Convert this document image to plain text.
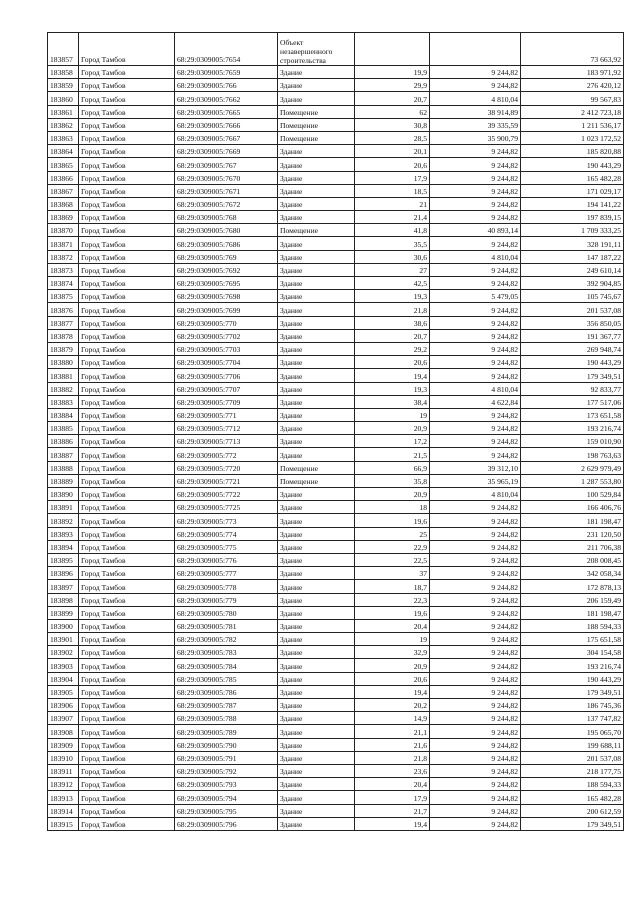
183857	Город Тамбов	68:29:0309005:7654	Объект незавершенного строительства			73 663,92
183858	Город Тамбов	68:29:0309005:7659	Здание	19,9	9 244,82	183 971,92
183859	Город Тамбов	68:29:0309005:766	Здание	29,9	9 244,82	276 420,12
183860	Город Тамбов	68:29:0309005:7662	Здание	20,7	4 810,04	99 567,83
183861	Город Тамбов	68:29:0309005:7665	Помещение	62	38 914,89	2 412 723,18
183862	Город Тамбов	68:29:0309005:7666	Помещение	30,8	39 335,59	1 211 536,17
183863	Город Тамбов	68:29:0309005:7667	Помещение	28,5	35 900,79	1 023 172,52
183864	Город Тамбов	68:29:0309005:7669	Здание	20,1	9 244,82	185 820,88
183865	Город Тамбов	68:29:0309005:767	Здание	20,6	9 244,82	190 443,29
183866	Город Тамбов	68:29:0309005:7670	Здание	17,9	9 244,82	165 482,28
183867	Город Тамбов	68:29:0309005:7671	Здание	18,5	9 244,82	171 029,17
183868	Город Тамбов	68:29:0309005:7672	Здание	21	9 244,82	194 141,22
183869	Город Тамбов	68:29:0309005:768	Здание	21,4	9 244,82	197 839,15
183870	Город Тамбов	68:29:0309005:7680	Помещение	41,8	40 893,14	1 709 333,25
183871	Город Тамбов	68:29:0309005:7686	Здание	35,5	9 244,82	328 191,11
183872	Город Тамбов	68:29:0309005:769	Здание	30,6	4 810,04	147 187,22
183873	Город Тамбов	68:29:0309005:7692	Здание	27	9 244,82	249 610,14
183874	Город Тамбов	68:29:0309005:7695	Здание	42,5	9 244,82	392 904,85
183875	Город Тамбов	68:29:0309005:7698	Здание	19,3	5 479,05	105 745,67
183876	Город Тамбов	68:29:0309005:7699	Здание	21,8	9 244,82	201 537,08
183877	Город Тамбов	68:29:0309005:770	Здание	38,6	9 244,82	356 850,05
183878	Город Тамбов	68:29:0309005:7702	Здание	20,7	9 244,82	191 367,77
183879	Город Тамбов	68:29:0309005:7703	Здание	29,2	9 244,82	269 948,74
183880	Город Тамбов	68:29:0309005:7704	Здание	20,6	9 244,82	190 443,29
183881	Город Тамбов	68:29:0309005:7706	Здание	19,4	9 244,82	179 349,51
183882	Город Тамбов	68:29:0309005:7707	Здание	19,3	4 810,04	92 833,77
183883	Город Тамбов	68:29:0309005:7709	Здание	38,4	4 622,84	177 517,06
183884	Город Тамбов	68:29:0309005:771	Здание	19	9 244,82	173 651,58
183885	Город Тамбов	68:29:0309005:7712	Здание	20,9	9 244,82	193 216,74
183886	Город Тамбов	68:29:0309005:7713	Здание	17,2	9 244,82	159 010,90
183887	Город Тамбов	68:29:0309005:772	Здание	21,5	9 244,82	198 763,63
183888	Город Тамбов	68:29:0309005:7720	Помещение	66,9	39 312,10	2 629 979,49
183889	Город Тамбов	68:29:0309005:7721	Помещение	35,8	35 965,19	1 287 553,80
183890	Город Тамбов	68:29:0309005:7722	Здание	20,9	4 810,04	100 529,84
183891	Город Тамбов	68:29:0309005:7725	Здание	18	9 244,82	166 406,76
183892	Город Тамбов	68:29:0309005:773	Здание	19,6	9 244,82	181 198,47
183893	Город Тамбов	68:29:0309005:774	Здание	25	9 244,82	231 120,50
183894	Город Тамбов	68:29:0309005:775	Здание	22,9	9 244,82	211 706,38
183895	Город Тамбов	68:29:0309005:776	Здание	22,5	9 244,82	208 008,45
183896	Город Тамбов	68:29:0309005:777	Здание	37	9 244,82	342 058,34
183897	Город Тамбов	68:29:0309005:778	Здание	18,7	9 244,82	172 878,13
183898	Город Тамбов	68:29:0309005:779	Здание	22,3	9 244,82	206 159,49
183899	Город Тамбов	68:29:0309005:780	Здание	19,6	9 244,82	181 198,47
183900	Город Тамбов	68:29:0309005:781	Здание	20,4	9 244,82	188 594,33
183901	Город Тамбов	68:29:0309005:782	Здание	19	9 244,82	175 651,58
183902	Город Тамбов	68:29:0309005:783	Здание	32,9	9 244,82	304 154,58
183903	Город Тамбов	68:29:0309005:784	Здание	20,9	9 244,82	193 216,74
183904	Город Тамбов	68:29:0309005:785	Здание	20,6	9 244,82	190 443,29
183905	Город Тамбов	68:29:0309005:786	Здание	19,4	9 244,82	179 349,51
183906	Город Тамбов	68:29:0309005:787	Здание	20,2	9 244,82	186 745,36
183907	Город Тамбов	68:29:0309005:788	Здание	14,9	9 244,82	137 747,82
183908	Город Тамбов	68:29:0309005:789	Здание	21,1	9 244,82	195 065,70
183909	Город Тамбов	68:29:0309005:790	Здание	21,6	9 244,82	199 688,11
183910	Город Тамбов	68:29:0309005:791	Здание	21,8	9 244,82	201 537,08
183911	Город Тамбов	68:29:0309005:792	Здание	23,6	9 244,82	218 177,75
183912	Город Тамбов	68:29:0309005:793	Здание	20,4	9 244,82	188 594,33
183913	Город Тамбов	68:29:0309005:794	Здание	17,9	9 244,82	165 482,28
183914	Город Тамбов	68:29:0309005:795	Здание	21,7	9 244,82	200 612,59
183915	Город Тамбов	68:29:0309005:796	Здание	19,4	9 244,82	179 349,51
